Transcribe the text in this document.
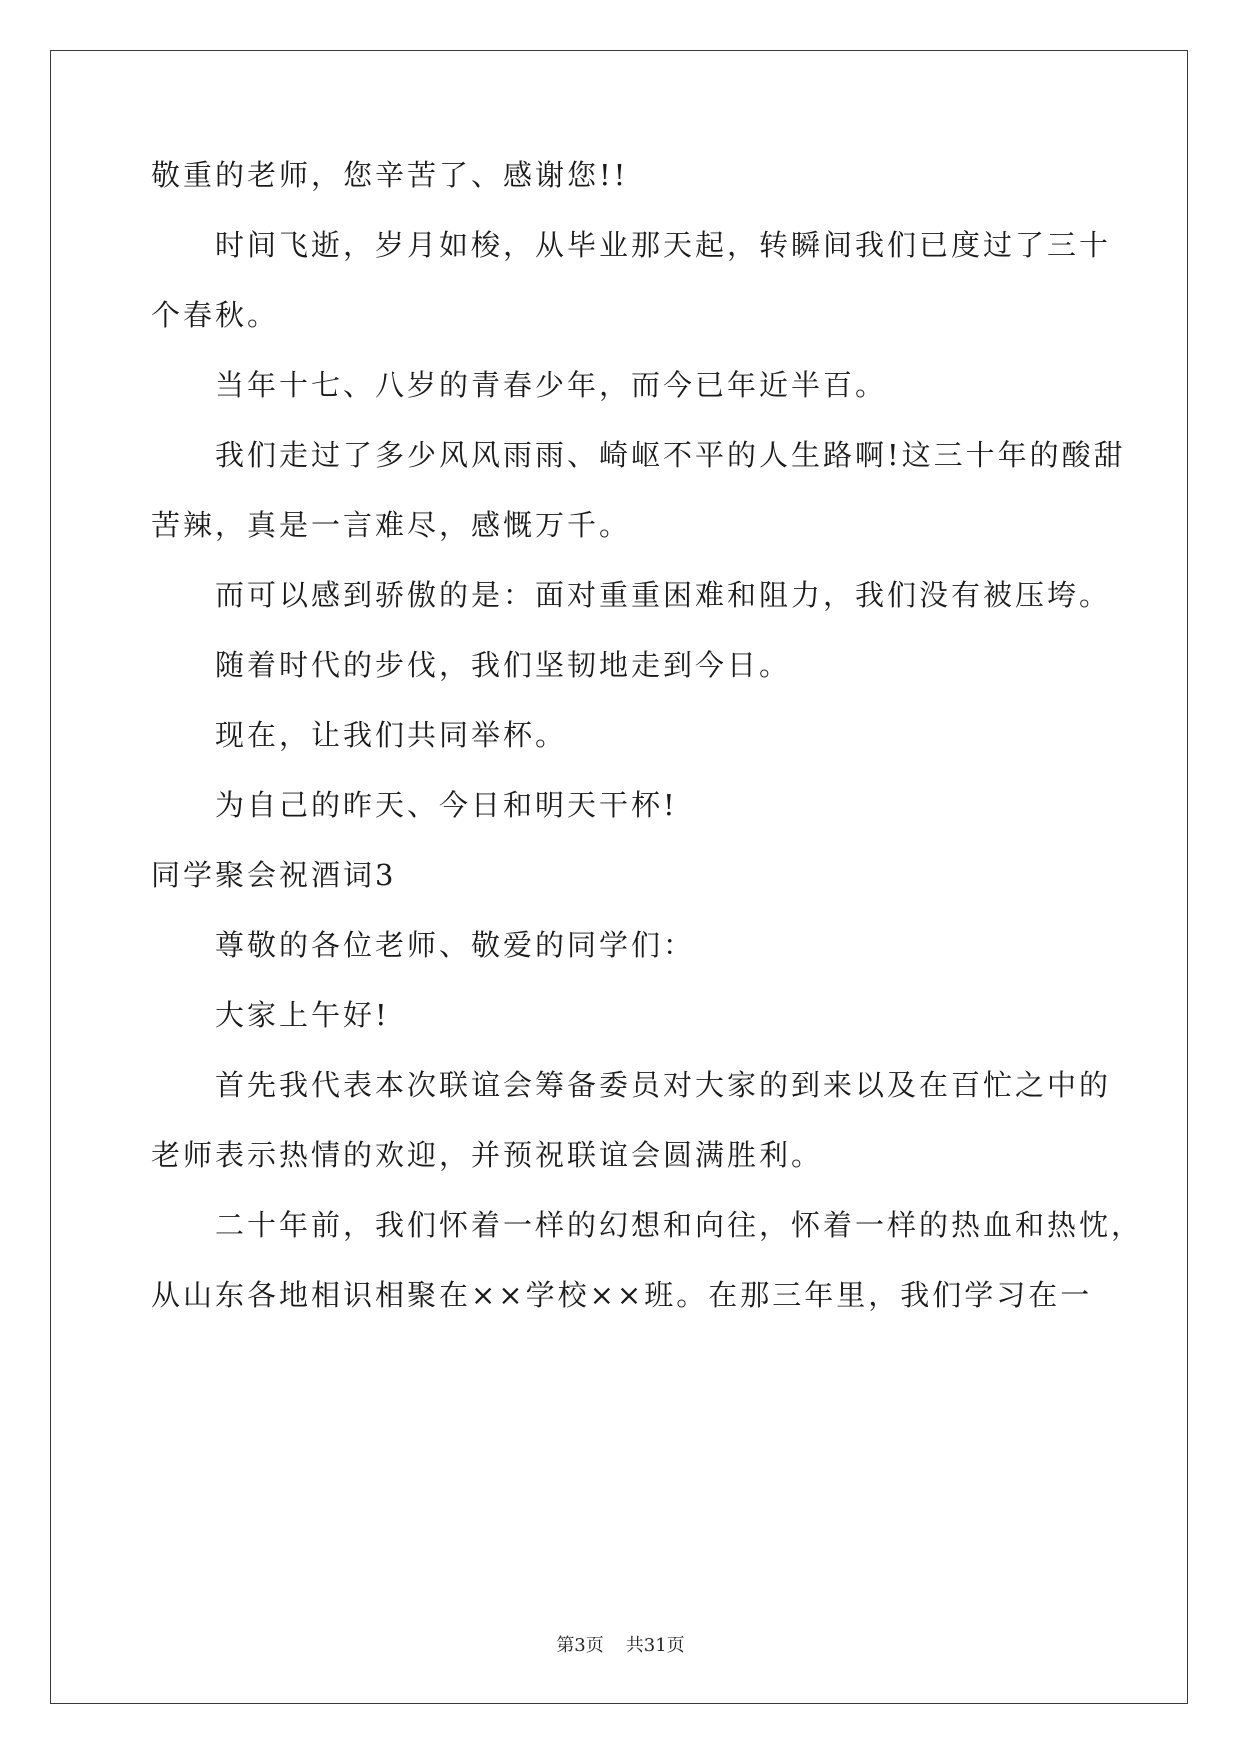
敬重的老师，您辛苦了、感谢您!!
时间飞逝，岁月如梭，从毕业那天起，转瞬间我们已度过了三十
个春秋。
当年十七、八岁的青春少年，而今已年近半百。
我们走过了多少风风雨雨、崎岖不平的人生路啊!这三十年的酸甜
苦辣，真是一言难尽，感慨万千。
而可以感到骄傲的是：面对重重困难和阻力，我们没有被压垮。
随着时代的步伐，我们坚韧地走到今日。
现在，让我们共同举杯。
为自己的昨天、今日和明天干杯!
同学聚会祝酒词3
尊敬的各位老师、敬爱的同学们：
大家上午好!
首先我代表本次联谊会筹备委员对大家的到来以及在百忙之中的
老师表示热情的欢迎，并预祝联谊会圆满胜利。
二十年前，我们怀着一样的幻想和向往，怀着一样的热血和热忱，
从山东各地相识相聚在××学校××班。在那三年里，我们学习在一
第3页 共31页
